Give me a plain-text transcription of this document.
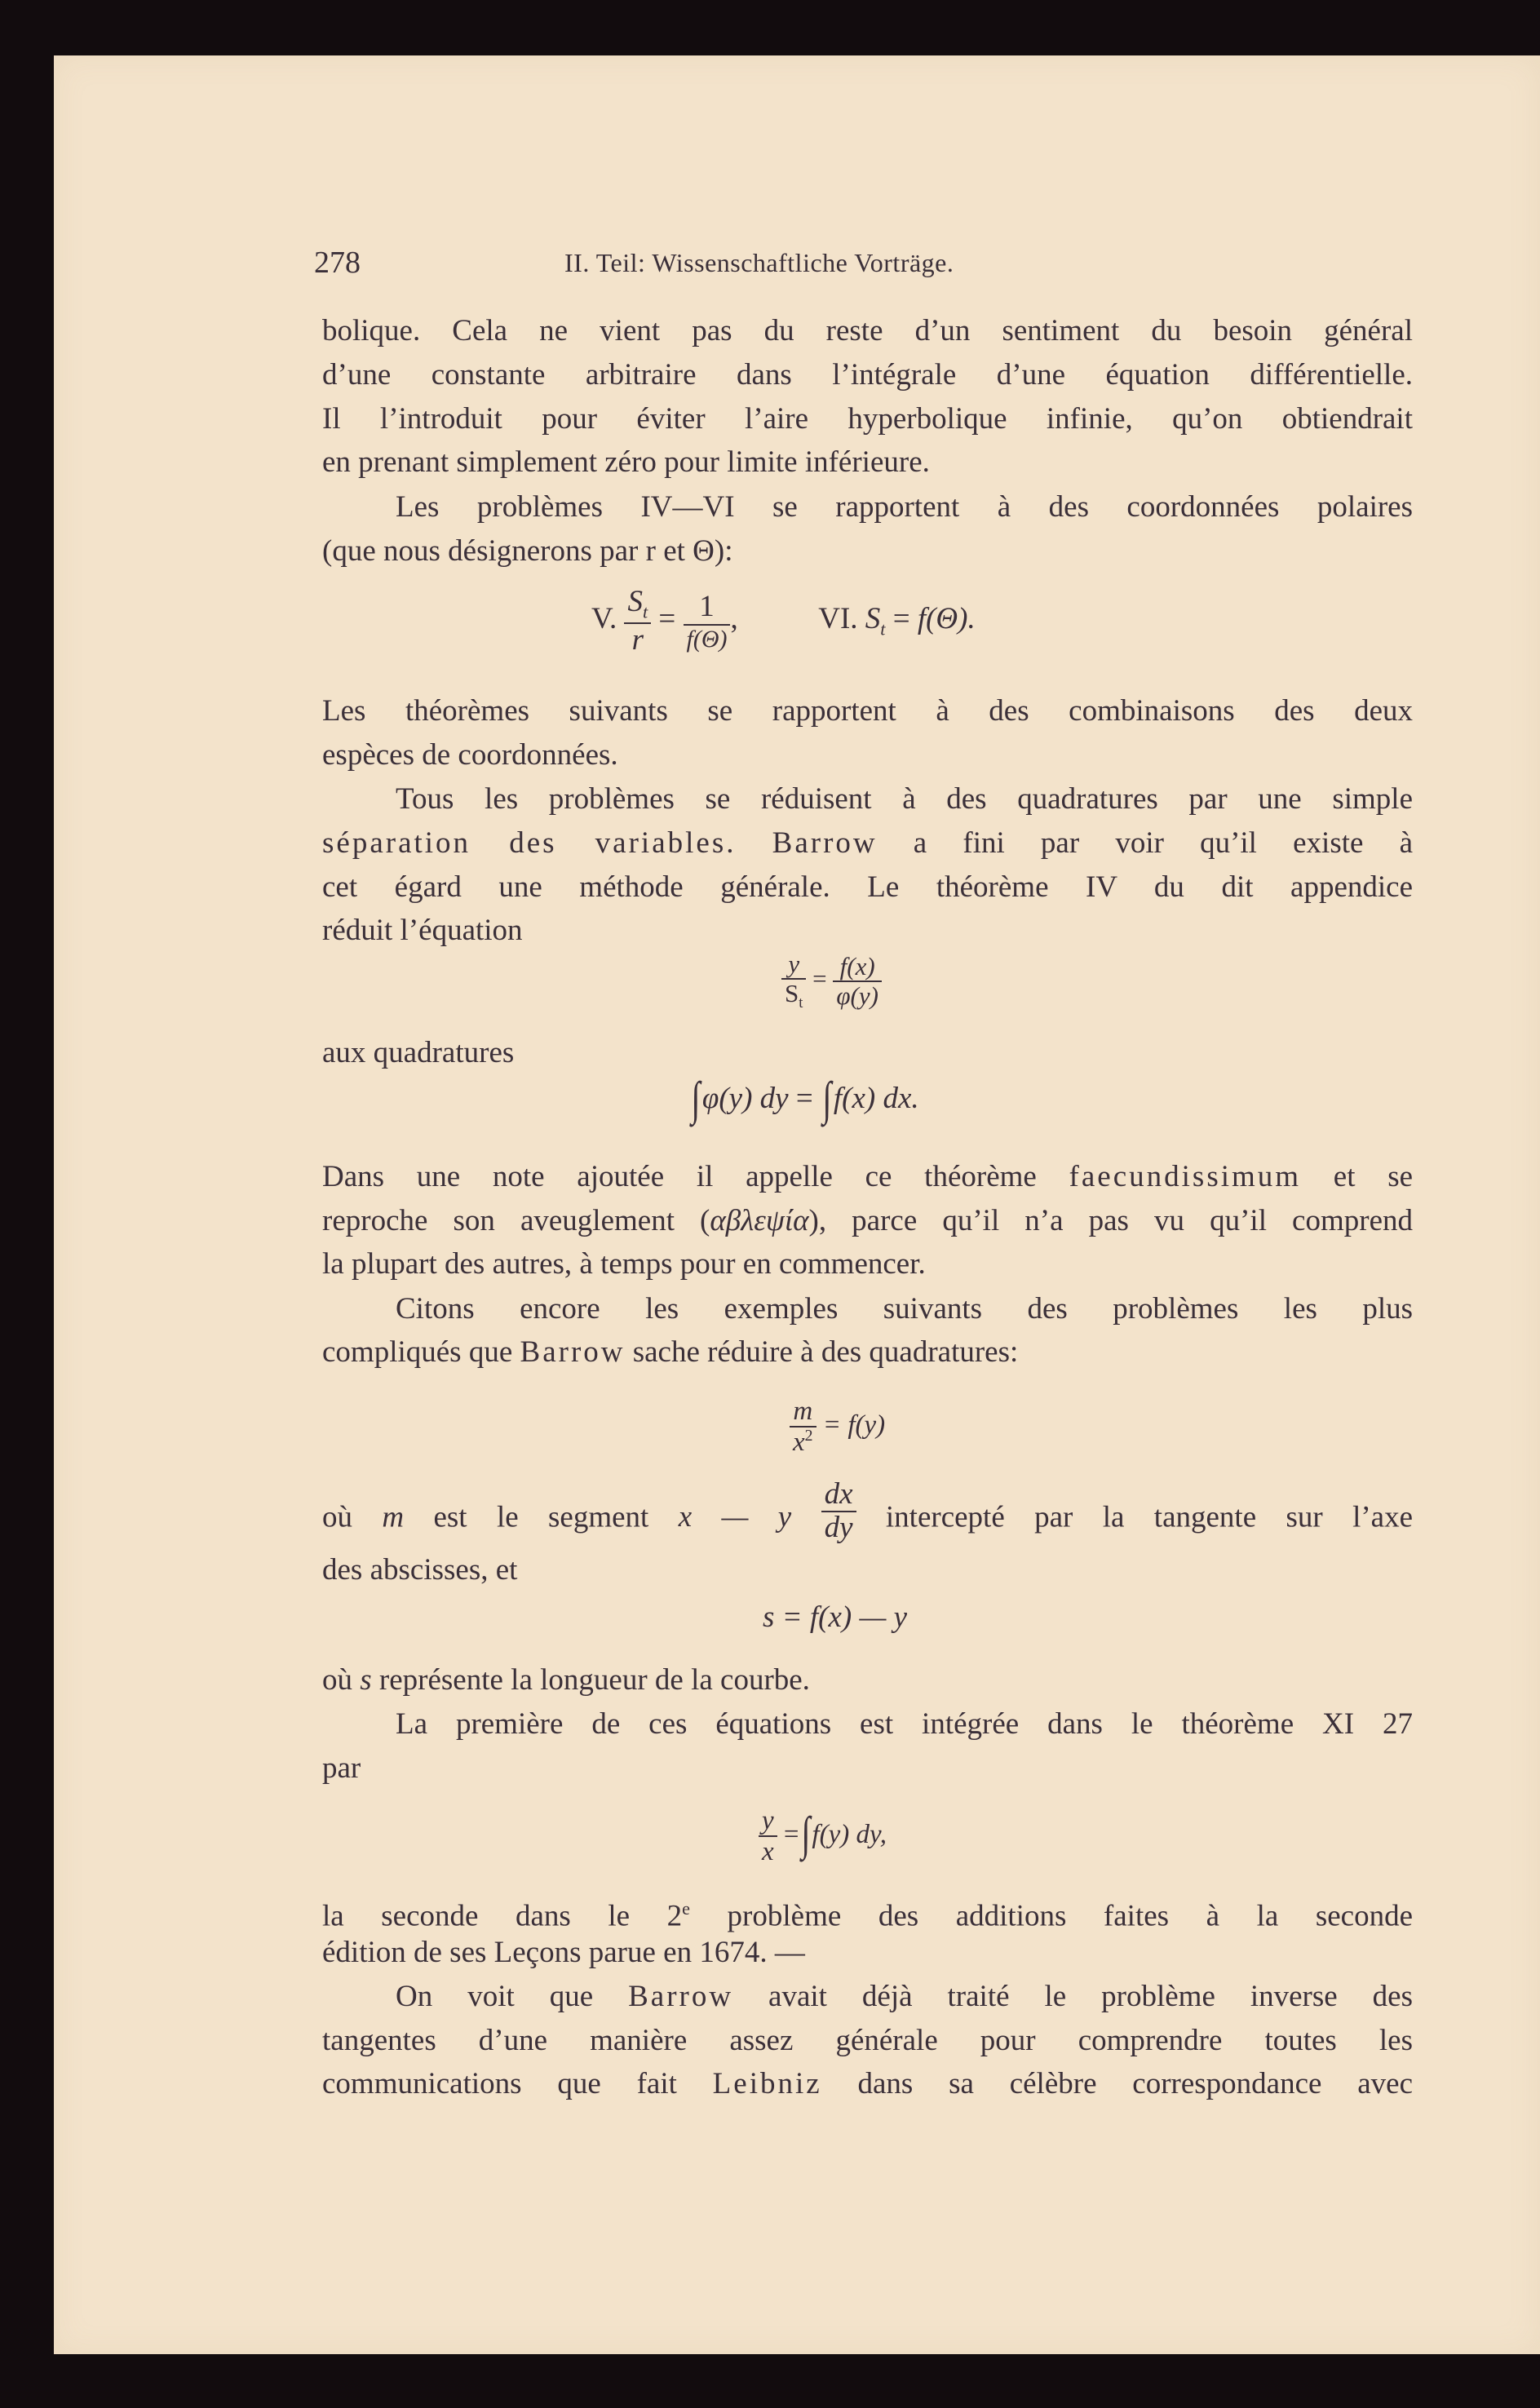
278	II. Teil: Wissenschaftliche Vorträge.
bolique. Cela ne vient pas du reste d’un sentiment du besoin général
d’une constante arbitraire dans l’intégrale d’une équation différentielle.
Il l’introduit pour éviter l’aire hyperbolique infinie, qu’on obtiendrait
en prenant simplement zéro pour limite inférieure.
Les problèmes IV—VI se rapportent à des coordonnées polaires
(que nous désignerons par r et Θ):
V. $\frac{S_t}{r} = \frac{1}{f(\Theta)}$ ,	VI. $S_t = f(\Theta)$.
Les théorèmes suivants se rapportent à des combinaisons des deux
espèces de coordonnées.
Tous les problèmes se réduisent à des quadratures par une simple
séparation des variables. Barrow a fini par voir qu’il existe à
cet égard une méthode générale. Le théorème IV du dit appendice
réduit l’équation
$\frac{y}{S_t} = \frac{f(x)}{\varphi(y)}$
aux quadratures
∫φ(y) dy = ∫f(x) dx.
Dans une note ajoutée il appelle ce théorème faecundissimum et se
reproche son aveuglement (αβλεψία), parce qu’il n’a pas vu qu’il comprend
la plupart des autres, à temps pour en commencer.
Citons encore les exemples suivants des problèmes les plus
compliqués que Barrow sache réduire à des quadratures:
$\frac{m}{x^2} = f(y)$
où m est le segment x — y $\frac{dx}{dy}$ intercepté par la tangente sur l’axe
des abscisses, et
s = f(x) — y
où s représente la longueur de la courbe.
La première de ces équations est intégrée dans le théorème XI 27
par
$\frac{y}{x} =\int f(y)$ dy,
la seconde dans le 2e problème des additions faites à la seconde
édition de ses Leçons parue en 1674. —
On voit que Barrow avait déjà traité le problème inverse des
tangentes d’une manière assez générale pour comprendre toutes les
communications que fait Leibniz dans sa célèbre correspondance avec
